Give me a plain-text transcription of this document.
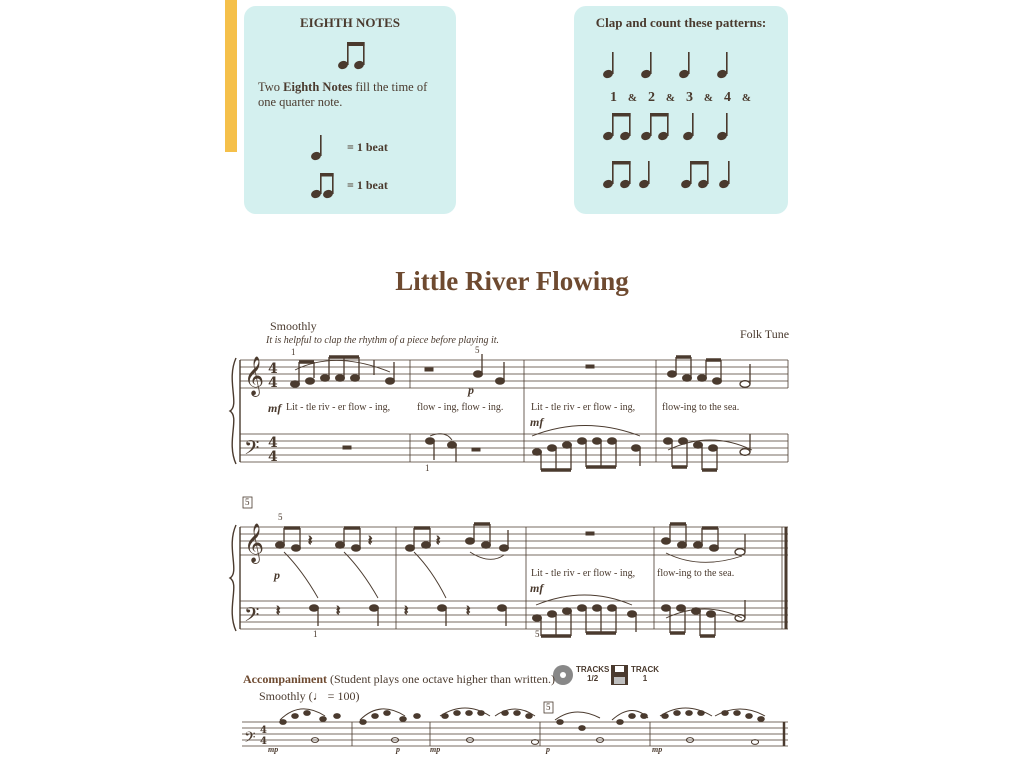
EIGHTH NOTES
Two Eighth Notes fill the time of one quarter note.
= 1 beat
= 1 beat
Clap and count these patterns:
1 & 2 & 3 & 4 &
Little River Flowing
Smoothly
It is helpful to clap the rhythm of a piece before playing it.	Folk Tune
𝄞
𝄢
4
4
4
4
𝄞
𝄢
𝄢 4
4
𝄽	𝄽	𝄽
𝄽	𝄽	𝄽	𝄽
Lit - tle riv - er flow - ing,	flow - ing, flow - ing.	Lit - tle riv - er flow - ing,	flow-ing to the sea.
Lit - tle riv - er flow - ing, flow-ing to the sea.
mf
p
mf
p
mf
mp	p	mp	p	mp
1	5
1
5
1	5
5
5
Accompaniment (Student plays one octave higher than written.)
Smoothly (♩ = 100)
TRACKS
1/2
TRACK
1
